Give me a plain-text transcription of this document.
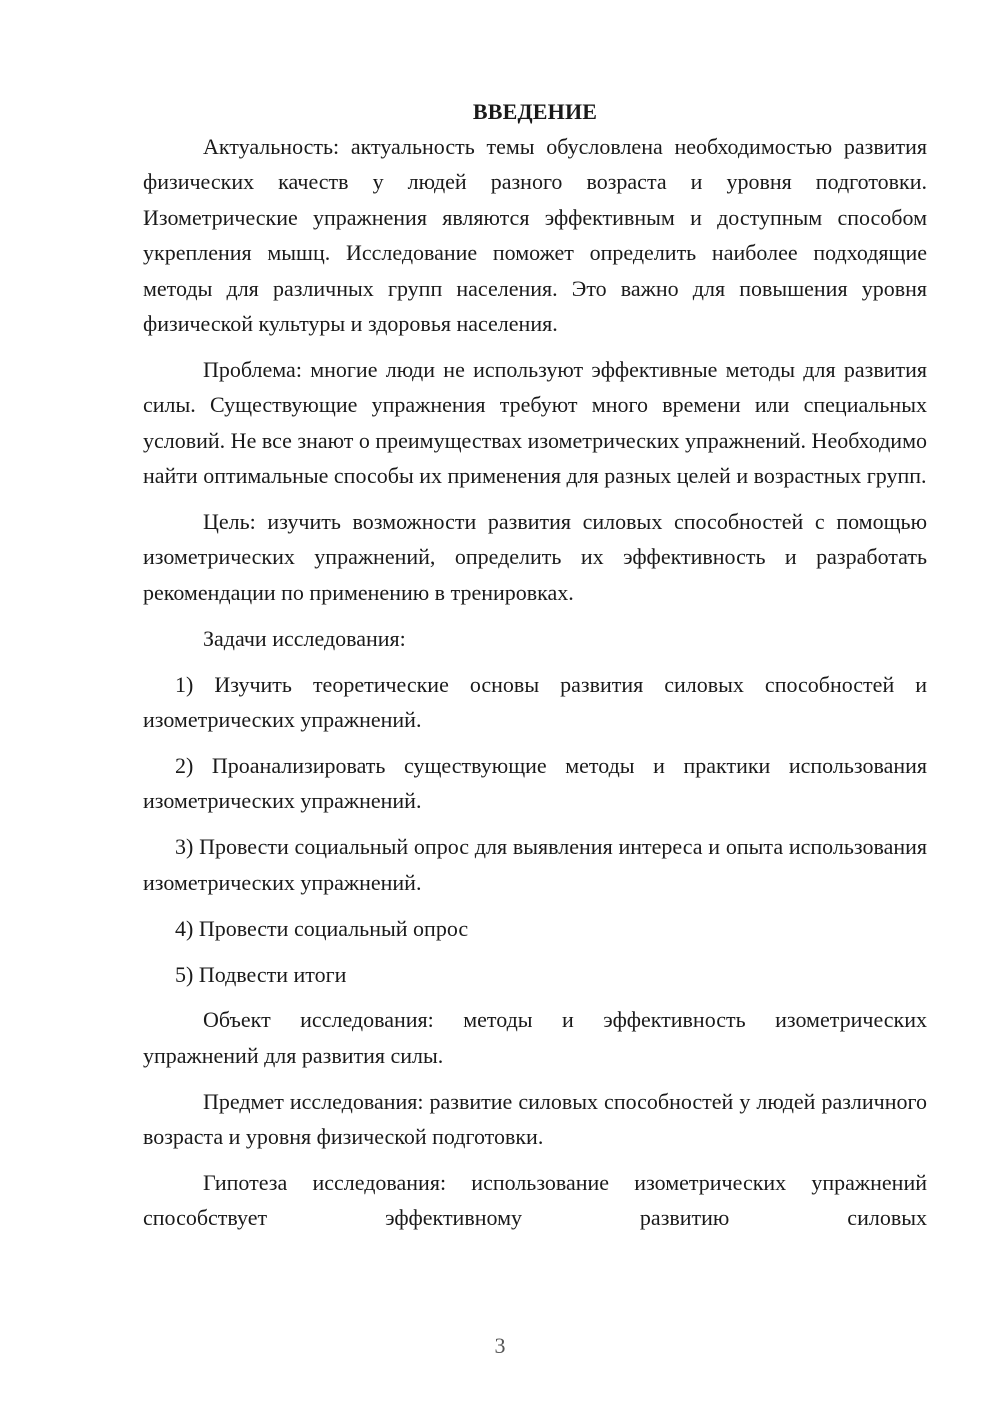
ВВЕДЕНИЕ

Актуальность: актуальность темы обусловлена необходимостью развития физических качеств у людей разного возраста и уровня подготовки. Изометрические упражнения являются эффективным и доступным способом укрепления мышц. Исследование поможет определить наиболее подходящие методы для различных групп населения. Это важно для повышения уровня физической культуры и здоровья населения.

Проблема: многие люди не используют эффективные методы для развития силы. Существующие упражнения требуют много времени или специальных условий. Не все знают о преимуществах изометрических упражнений. Необходимо найти оптимальные способы их применения для разных целей и возрастных групп.

Цель: изучить возможности развития силовых способностей с помощью изометрических упражнений, определить их эффективность и разработать рекомендации по применению в тренировках.

Задачи исследования:

1) Изучить теоретические основы развития силовых способностей и изометрических упражнений.

2) Проанализировать существующие методы и практики использования изометрических упражнений.

3) Провести социальный опрос для выявления интереса и опыта использования изометрических упражнений.

4) Провести социальный опрос

5) Подвести итоги

Объект исследования: методы и эффективность изометрических упражнений для развития силы.

Предмет исследования: развитие силовых способностей у людей различного возраста и уровня физической подготовки.

Гипотеза исследования: использование изометрических упражнений способствует эффективному развитию силовых

3
